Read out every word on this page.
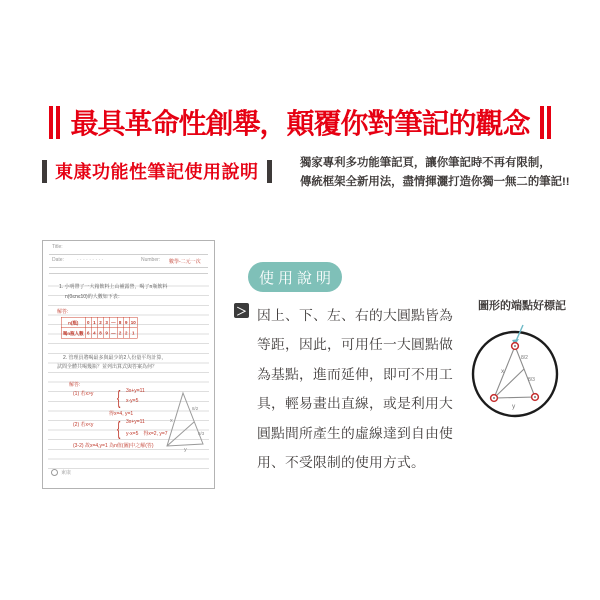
最具革命性創舉，顛覆你對筆記的觀念
東康功能性筆記使用說明	獨家專利多功能筆記頁，讓你筆記時不再有限制，
傳統框架全新用法，盡情揮灑打造你獨一無二的筆記!!
Title:
Date: · · · · · · · · ·	Number: 數學-二元一次
1. 小明帶了一大箱飲料上山補露營，喝了n瓶飲料
n(0≤n≤10)的人數如下表：
解答:
n(瓶)	0	1	2	3	—	8	9	10
喝n瓶人數	6	4	8	9	—	2	2	1
2. 管理員將喝最多與最少的2人份量平均計算，
試問全體共喝幾瓶？並列出算式與答案為何？
解答:
(1) 若x>y { 3x+y=11
x-y=5
得x=4, y=1
(2) 若x<y { 3x+y=11
y-x=5　得x=2, y=7
(3-2) 故x=4,y=1 為n值(圖)中之解(答)
x
8/2
8/3
y
東康
使用說明
＞ 因上、下、左、右的大圓點皆為
等距，因此，可用任一大圓點做
為基點，進而延伸，即可不用工
具，輕易畫出直線，或是利用大
圓點間所產生的虛線達到自由使
用、不受限制的使用方式。
圖形的端點好標記
x
8/2
8/3
y
